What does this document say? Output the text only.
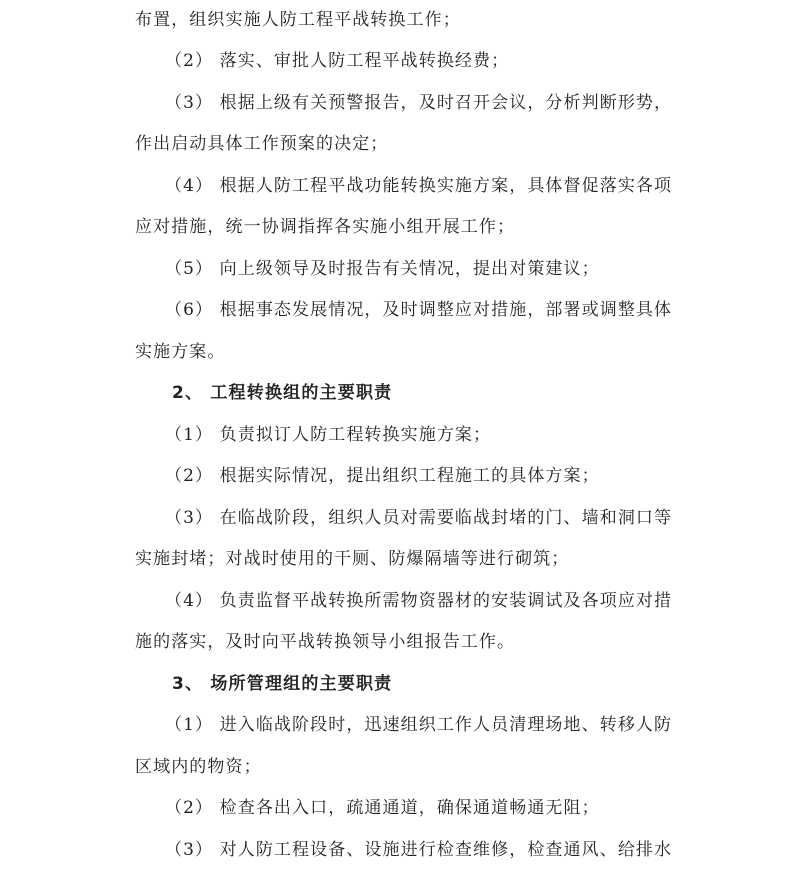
布置，组织实施人防工程平战转换工作；
（2） 落实、审批人防工程平战转换经费；
（3） 根据上级有关预警报告，及时召开会议，分析判断形势，
作出启动具体工作预案的决定；
（4） 根据人防工程平战功能转换实施方案，具体督促落实各项
应对措施，统一协调指挥各实施小组开展工作；
（5） 向上级领导及时报告有关情况，提出对策建议；
（6） 根据事态发展情况，及时调整应对措施，部署或调整具体
实施方案。
2、 工程转换组的主要职责
（1） 负责拟订人防工程转换实施方案；
（2） 根据实际情况，提出组织工程施工的具体方案；
（3） 在临战阶段，组织人员对需要临战封堵的门、墙和洞口等
实施封堵；对战时使用的干厕、防爆隔墙等进行砌筑；
（4） 负责监督平战转换所需物资器材的安装调试及各项应对措
施的落实，及时向平战转换领导小组报告工作。
3、 场所管理组的主要职责
（1） 进入临战阶段时，迅速组织工作人员清理场地、转移人防
区域内的物资；
（2） 检查各出入口，疏通通道，确保通道畅通无阻；
（3） 对人防工程设备、设施进行检查维修，检查通风、给排水
